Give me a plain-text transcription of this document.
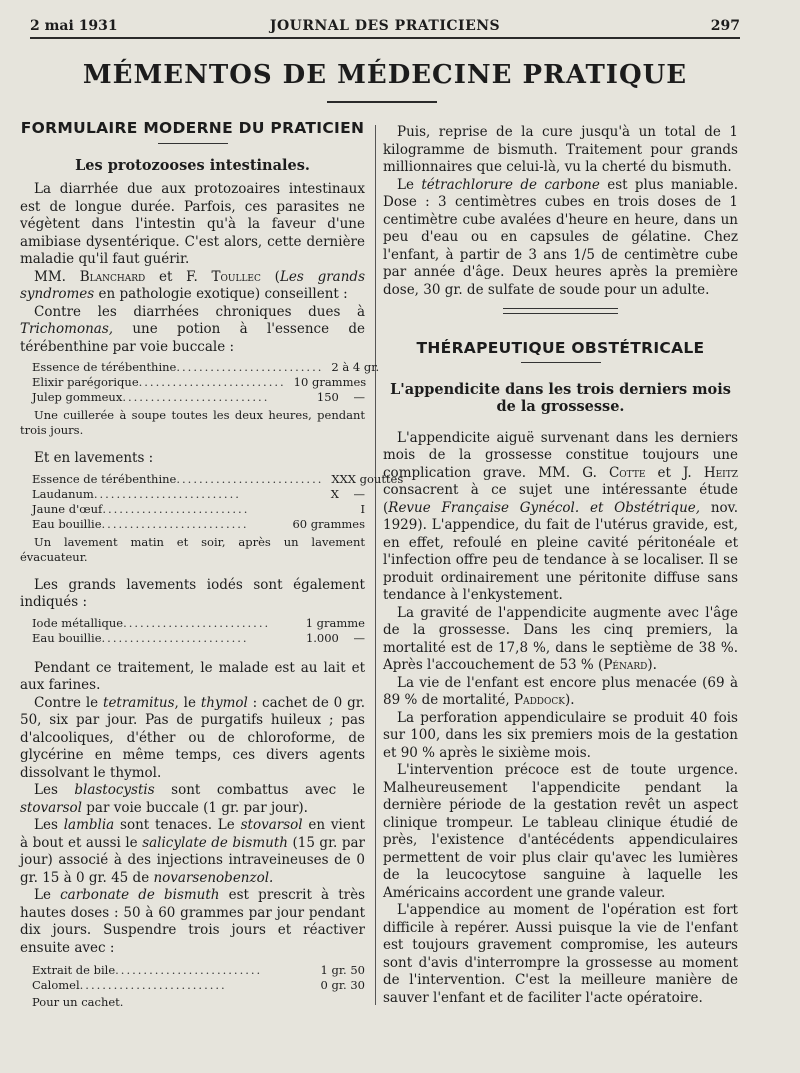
2 mai 1931	JOURNAL DES PRATICIENS	297
MÉMENTOS DE MÉDECINE PRATIQUE
FORMULAIRE MODERNE DU PRATICIEN
Les protozooses intestinales.

La diarrhée due aux protozoaires intestinaux est de longue durée. Parfois, ces parasites ne végètent dans l'intestin qu'à la faveur d'une amibiase dysentérique. C'est alors, cette dernière maladie qu'il faut guérir.

MM. Blanchard et F. Toullec (Les grands syndromes en pathologie exotique) conseillent :

Contre les diarrhées chroniques dues à Trichomonas, une potion à l'essence de térébenthine par voie buccale :

Essence de térébenthine .......................... 2 à 4 gr.
Elixir parégorique .......................... 10 grammes
Julep gommeux ..........................	150    —

Une cuillerée à soupe toutes les deux heures, pendant trois jours.

Et en lavements :

Essence de térébenthine .......................... XXX gouttes
Laudanum ..........................	X    —
Jaune d'œuf ..........................	I
Eau bouillie ..........................	60 grammes

Un lavement matin et soir, après un lavement évacuateur.

Les grands lavements iodés sont également indiqués :

Iode métallique ..........................	1 gramme
Eau bouillie ..........................	1.000    —

Pendant ce traitement, le malade est au lait et aux farines.

Contre le tetramitus, le thymol : cachet de 0 gr. 50, six par jour. Pas de purgatifs huileux ; pas d'alcooliques, d'éther ou de chloroforme, de glycérine en même temps, ces divers agents dissolvant le thymol.

Les blastocystis sont combattus avec le stovarsol par voie buccale (1 gr. par jour).

Les lamblia sont tenaces. Le stovarsol en vient à bout et aussi le salicylate de bismuth (15 gr. par jour) associé à des injections intraveineuses de 0 gr. 15 à 0 gr. 45 de novarsenobenzol.

Le carbonate de bismuth est prescrit à très hautes doses : 50 à 60 grammes par jour pendant dix jours. Suspendre trois jours et réactiver ensuite avec :

Extrait de bile ..........................	1 gr. 50
Calomel ..........................	0 gr. 30

Pour un cachet.

Puis, reprise de la cure jusqu'à un total de 1 kilogramme de bismuth. Traitement pour grands millionnaires que celui-là, vu la cherté du bismuth.

Le tétrachlorure de carbone est plus maniable. Dose : 3 centimètres cubes en trois doses de 1 centimètre cube avalées d'heure en heure, dans un peu d'eau ou en capsules de gélatine. Chez l'enfant, à partir de 3 ans 1/5 de centimètre cube par année d'âge. Deux heures après la première dose, 30 gr. de sulfate de soude pour un adulte.

THÉRAPEUTIQUE OBSTÉTRICALE
L'appendicite dans les trois derniers mois de la grossesse.

L'appendicite aiguë survenant dans les derniers mois de la grossesse constitue toujours une complication grave. MM. G. Cotte et J. Heitz consacrent à ce sujet une intéressante étude (Revue Française Gynécol. et Obstétrique, nov. 1929). L'appendice, du fait de l'utérus gravide, est, en effet, refoulé en pleine cavité péritonéale et l'infection offre peu de tendance à se localiser. Il se produit ordinairement une péritonite diffuse sans tendance à l'enkystement.

La gravité de l'appendicite augmente avec l'âge de la grossesse. Dans les cinq premiers, la mortalité est de 17,8 %, dans le septième de 38 %. Après l'accouchement de 53 % (Pénard).

La vie de l'enfant est encore plus menacée (69 à 89 % de mortalité, Paddock).

La perforation appendiculaire se produit 40 fois sur 100, dans les six premiers mois de la gestation et 90 % après le sixième mois.

L'intervention précoce est de toute urgence. Malheureusement l'appendicite pendant la dernière période de la gestation revêt un aspect clinique trompeur. Le tableau clinique étudié de près, l'existence d'antécédents appendiculaires permettent de voir plus clair qu'avec les lumières de la leucocytose sanguine à laquelle les Américains accordent une grande valeur.

L'appendice au moment de l'opération est fort difficile à repérer. Aussi puisque la vie de l'enfant est toujours gravement compromise, les auteurs sont d'avis d'interrompre la grossesse au moment de l'intervention. C'est la meilleure manière de sauver l'enfant et de faciliter l'acte opératoire.
